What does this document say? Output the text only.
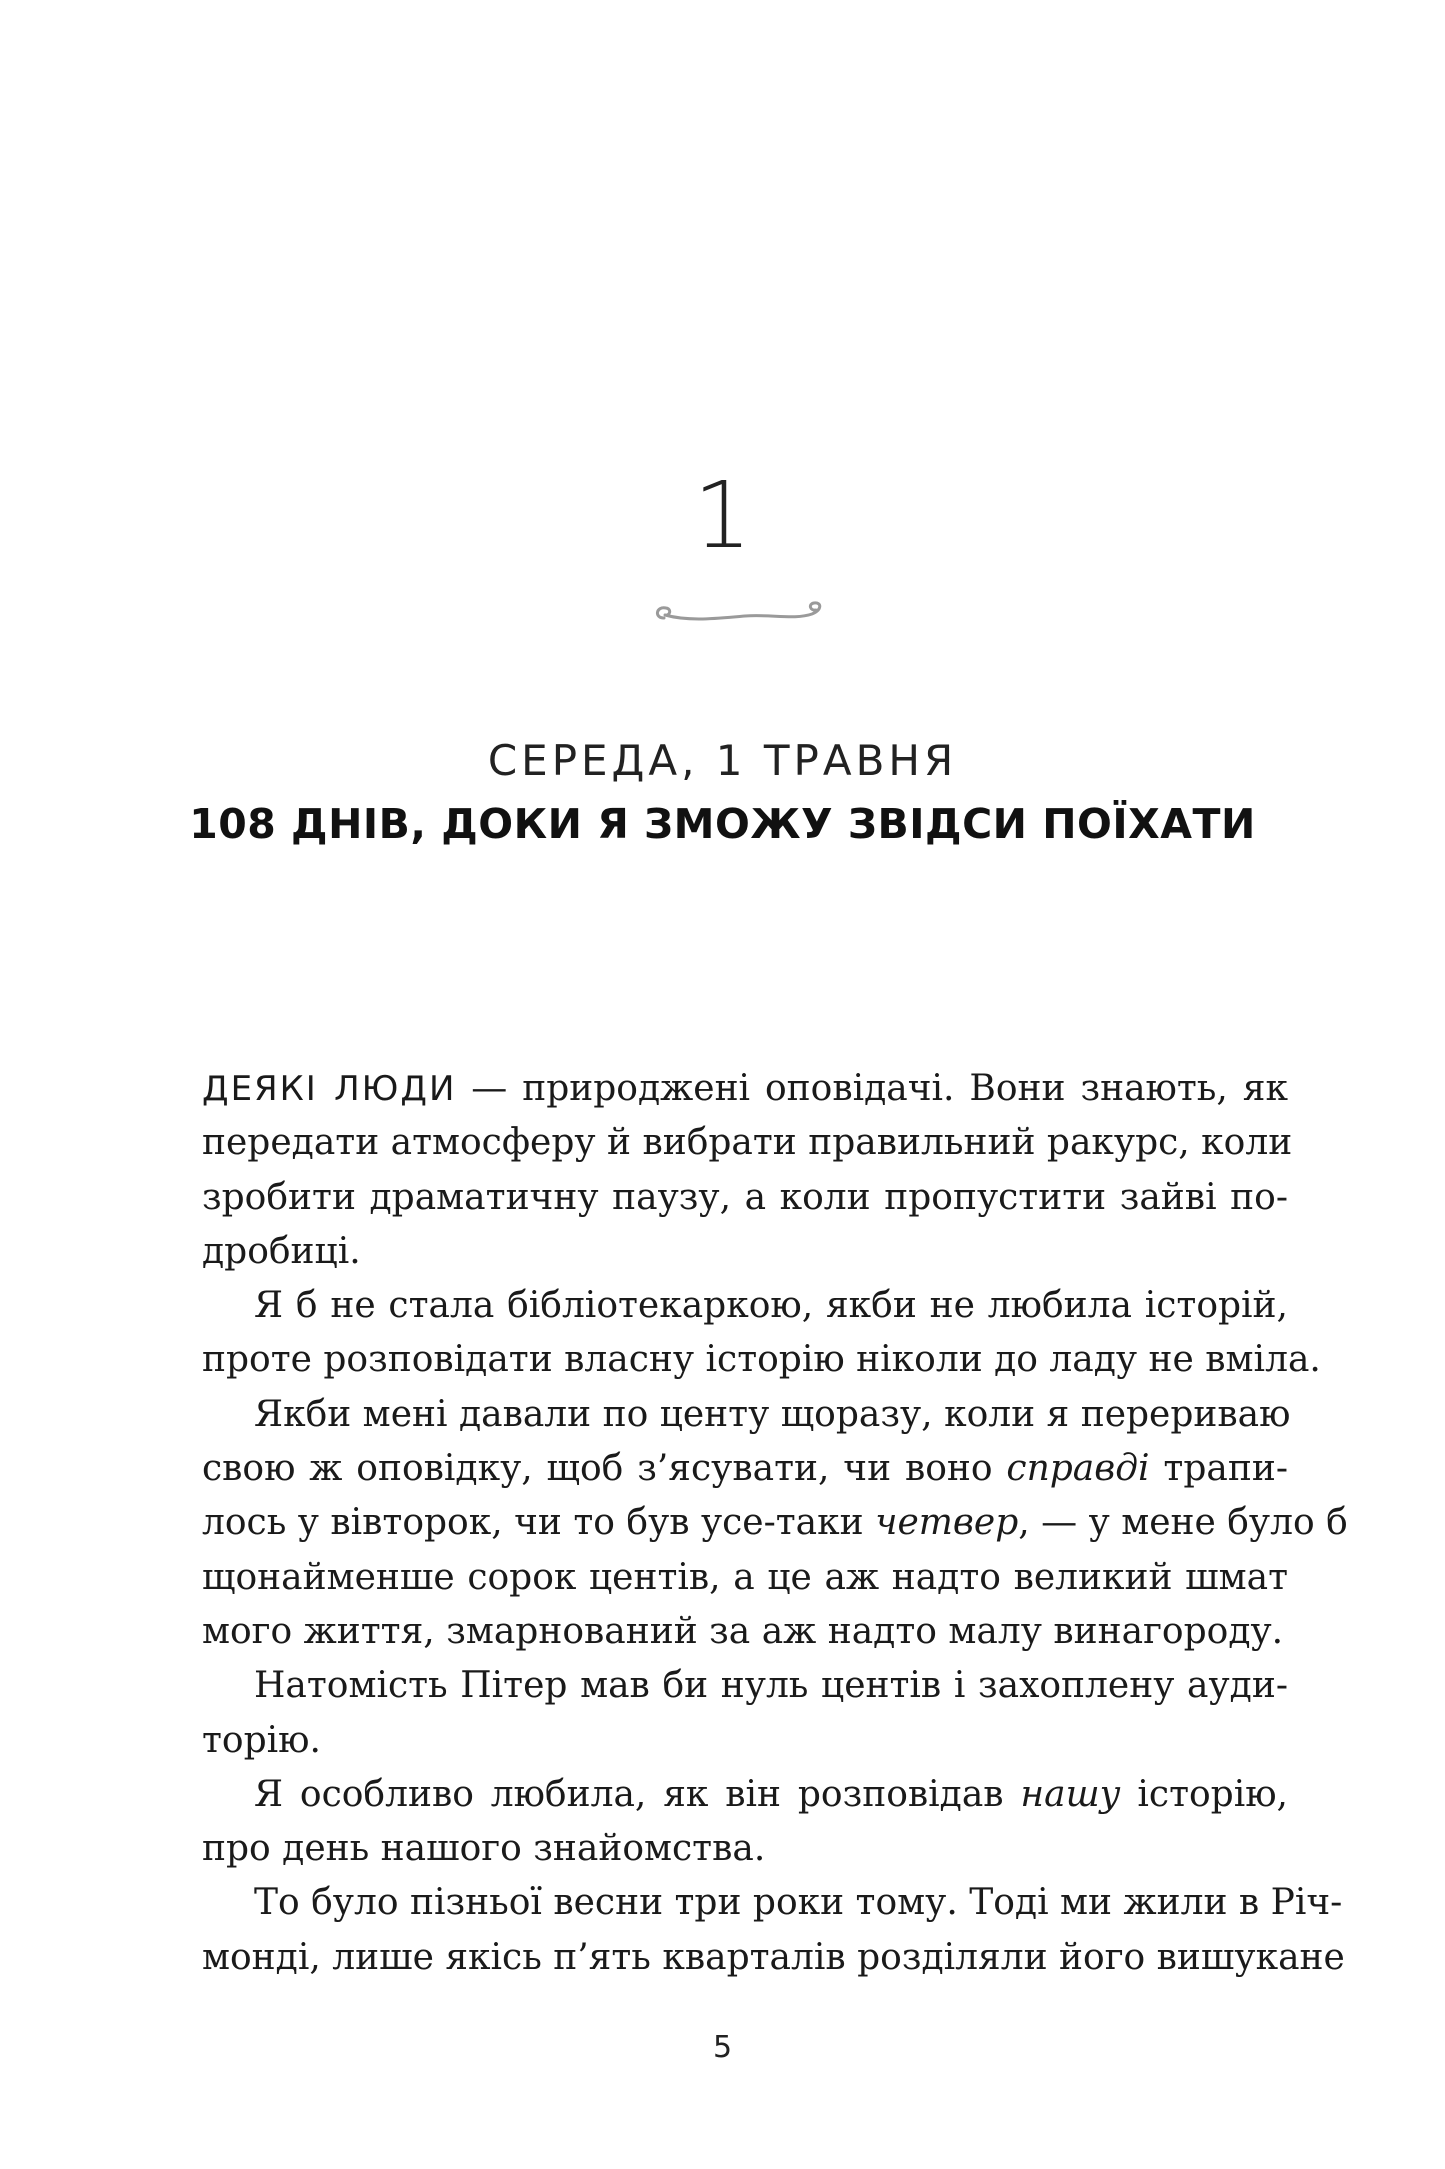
1
СЕРЕДА, 1 ТРАВНЯ
108 ДНІВ, ДОКИ Я ЗМОЖУ ЗВІДСИ ПОЇХАТИ
ДЕЯКІ ЛЮДИ — природжені оповідачі. Вони знають, як
передати атмосферу й вибрати правильний ракурс, коли
зробити драматичну паузу, а коли пропустити зайві по-
дробиці.
Я б не стала бібліотекаркою, якби не любила історій,
проте розповідати власну історію ніколи до ладу не вміла.
Якби мені давали по центу щоразу, коли я перериваю
свою ж оповідку, щоб з’ясувати, чи воно справді трапи-
лось у вівторок, чи то був усе-таки четвер, — у мене було б
щонайменше сорок центів, а це аж надто великий шмат
мого життя, змарнований за аж надто малу винагороду.
Натомість Пітер мав би нуль центів і захоплену ауди-
торію.
Я особливо любила, як він розповідав нашу історію,
про день нашого знайомства.
То було пізньої весни три роки тому. Тоді ми жили в Річ-
монді, лише якісь п’ять кварталів розділяли його вишукане
5
